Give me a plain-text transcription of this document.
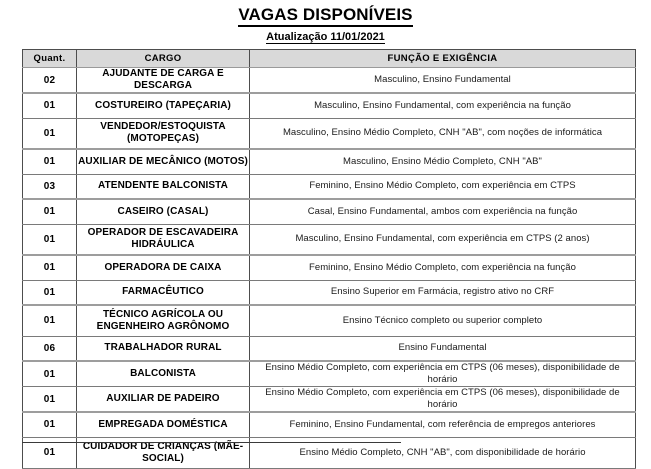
VAGAS DISPONÍVEIS
Atualização 11/01/2021
Quant.	CARGO	FUNÇÃO E EXIGÊNCIA
02	AJUDANTE DE CARGA E DESCARGA	Masculino, Ensino Fundamental
01	COSTUREIRO (TAPEÇARIA)	Masculino, Ensino Fundamental, com experiência na função
01	VENDEDOR/ESTOQUISTA (MOTOPEÇAS)	Masculino, Ensino Médio Completo, CNH "AB", com noções de informática
01	AUXILIAR DE MECÂNICO (MOTOS)	Masculino, Ensino Médio Completo, CNH "AB"
03	ATENDENTE BALCONISTA	Feminino, Ensino Médio Completo, com experiência em CTPS
01	CASEIRO (CASAL)	Casal, Ensino Fundamental, ambos com experiência na função
01	OPERADOR DE ESCAVADEIRA HIDRÁULICA	Masculino, Ensino Fundamental, com experiência em CTPS (2 anos)
01	OPERADORA DE CAIXA	Feminino, Ensino Médio Completo, com experiência na função
01	FARMACÊUTICO	Ensino Superior em Farmácia, registro ativo no CRF
01	TÉCNICO AGRÍCOLA OU ENGENHEIRO AGRÔNOMO	Ensino Técnico completo ou superior completo
06	TRABALHADOR RURAL	Ensino Fundamental
01	BALCONISTA	Ensino Médio Completo, com experiência em CTPS (06 meses), disponibilidade de horário
01	AUXILIAR DE PADEIRO	Ensino Médio Completo, com experiência em CTPS (06 meses), disponibilidade de horário
01	EMPREGADA DOMÉSTICA	Feminino, Ensino Fundamental, com referência de empregos anteriores
01	CUIDADOR DE CRIANÇAS (MÃE-SOCIAL)	Ensino Médio Completo, CNH "AB", com disponibilidade de horário
